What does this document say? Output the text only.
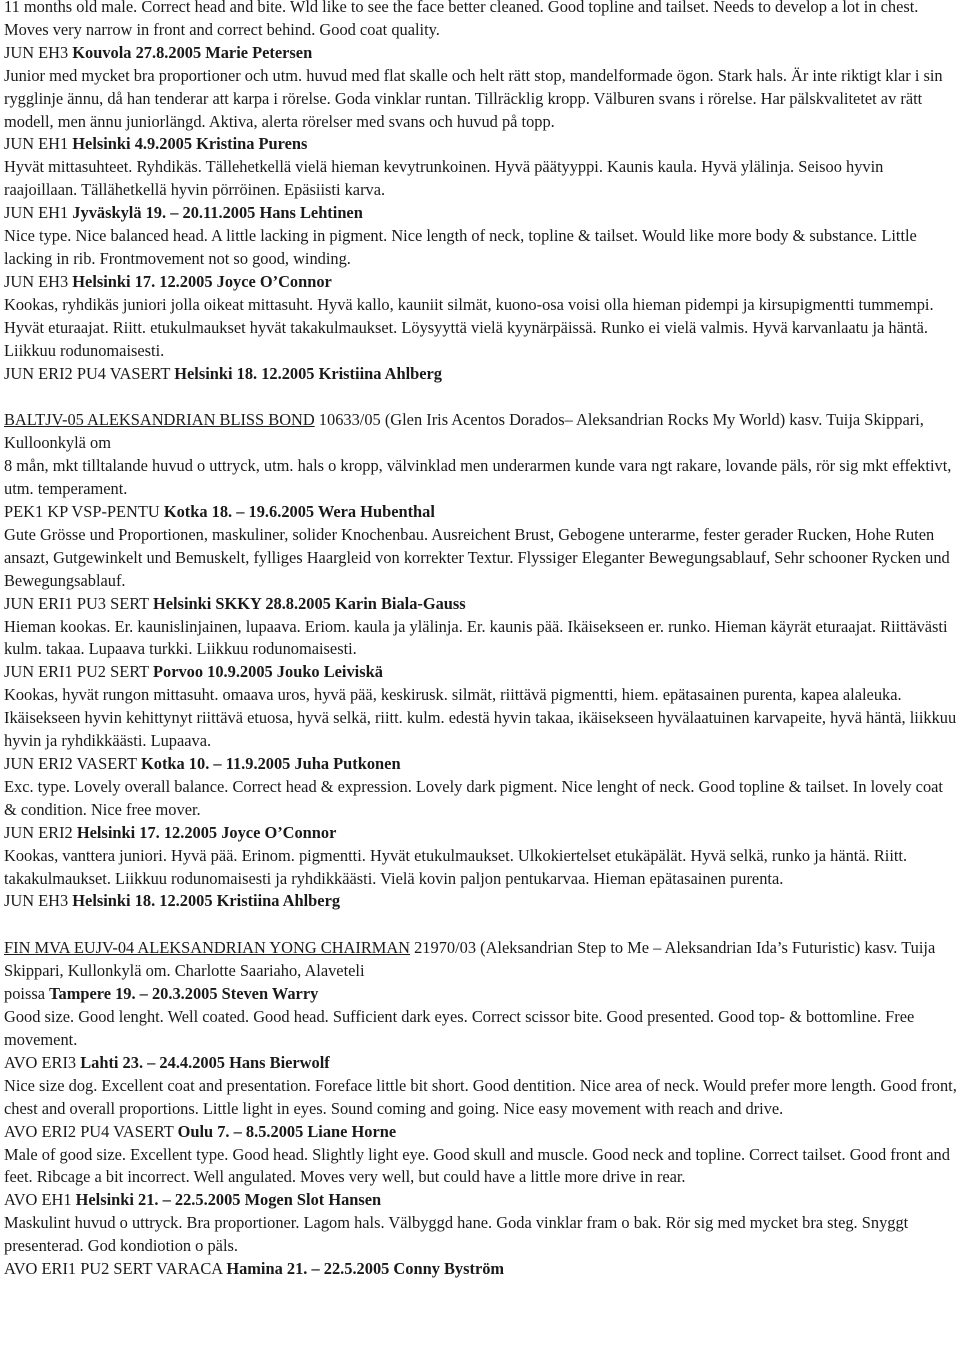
11 months old male. Correct head and bite. Wld like to see the face better cleaned. Good topline and tailset. Needs to develop a lot in chest. Moves very narrow in front and correct behind. Good coat quality.

JUN EH3 Kouvola 27.8.2005 Marie Petersen

Junior med mycket bra proportioner och utm. huvud med flat skalle och helt rätt stop, mandelformade ögon. Stark hals. Är inte riktigt klar i sin rygglinje ännu, då han tenderar att karpa i rörelse. Goda vinklar runtan. Tillräcklig kropp. Välburen svans i rörelse. Har pälskvalitetet av rätt modell, men ännu juniorlängd. Aktiva, alerta rörelser med svans och huvud på topp.

JUN EH1 Helsinki 4.9.2005 Kristina Purens

Hyvät mittasuhteet. Ryhdikäs. Tällehetkellä vielä hieman kevytrunkoinen. Hyvä päätyyppi. Kaunis kaula. Hyvä ylälinja. Seisoo hyvin raajoillaan. Tällähetkellä hyvin pörröinen. Epäsiisti karva.

JUN EH1 Jyväskylä 19. – 20.11.2005 Hans Lehtinen

Nice type. Nice balanced head. A little lacking in pigment. Nice length of neck, topline & tailset. Would like more body & substance. Little lacking in rib. Frontmovement not so good, winding.

JUN EH3 Helsinki 17. 12.2005 Joyce O’Connor

Kookas, ryhdikäs juniori jolla oikeat mittasuht. Hyvä kallo, kauniit silmät, kuono-osa voisi olla hieman pidempi ja kirsupigmentti tummempi. Hyvät eturaajat. Riitt. etukulmaukset hyvät takakulmaukset. Löysyyttä vielä kyynärpäissä. Runko ei vielä valmis. Hyvä karvanlaatu ja häntä. Liikkuu rodunomaisesti.

JUN ERI2 PU4 VASERT Helsinki 18. 12.2005 Kristiina Ahlberg

BALTJV-05 ALEKSANDRIAN BLISS BOND 10633/05 (Glen Iris Acentos Dorados– Aleksandrian Rocks My World) kasv. Tuija Skippari, Kulloonkylä om

8 mån, mkt tilltalande huvud o uttryck, utm. hals o kropp, välvinklad men underarmen kunde vara ngt rakare, lovande päls, rör sig mkt effektivt, utm. temperament.

PEK1 KP VSP-PENTU Kotka 18. – 19.6.2005 Wera Hubenthal

Gute Grösse und Proportionen, maskuliner, solider Knochenbau. Ausreichent Brust, Gebogene unterarme, fester gerader Rucken, Hohe Ruten ansazt, Gutgewinkelt und Bemuskelt, fylliges Haargleid von korrekter Textur. Flyssiger Eleganter Bewegungsablauf, Sehr schooner Rycken und Bewegungsablauf.

JUN ERI1 PU3 SERT Helsinki SKKY 28.8.2005 Karin Biala-Gauss

Hieman kookas. Er. kaunislinjainen, lupaava. Eriom. kaula ja ylälinja. Er. kaunis pää. Ikäisekseen er. runko. Hieman käyrät eturaajat. Riittävästi kulm. takaa. Lupaava turkki. Liikkuu rodunomaisesti.

JUN ERI1 PU2 SERT Porvoo 10.9.2005 Jouko Leiviskä

Kookas, hyvät rungon mittasuht. omaava uros, hyvä pää, keskirusk. silmät, riittävä pigmentti, hiem. epätasainen purenta, kapea alaleuka. Ikäisekseen hyvin kehittynyt riittävä etuosa, hyvä selkä, riitt. kulm. edestä hyvin takaa, ikäisekseen hyvälaatuinen karvapeite, hyvä häntä, liikkuu hyvin ja ryhdikkäästi. Lupaava.

JUN ERI2 VASERT Kotka 10. – 11.9.2005 Juha Putkonen

Exc. type. Lovely overall balance. Correct head & expression. Lovely dark pigment. Nice lenght of neck. Good topline & tailset. In lovely coat & condition. Nice free mover.

JUN ERI2 Helsinki 17. 12.2005 Joyce O’Connor

Kookas, vanttera juniori. Hyvä pää. Erinom. pigmentti. Hyvät etukulmaukset. Ulkokiertelset etukäpälät. Hyvä selkä, runko ja häntä. Riitt. takakulmaukset. Liikkuu rodunomaisesti ja ryhdikkäästi. Vielä kovin paljon pentukarvaa. Hieman epätasainen purenta.

JUN EH3 Helsinki 18. 12.2005 Kristiina Ahlberg

FIN MVA EUJV-04 ALEKSANDRIAN YONG CHAIRMAN 21970/03 (Aleksandrian Step to Me – Aleksandrian Ida’s Futuristic) kasv. Tuija Skippari, Kullonkylä om. Charlotte Saariaho, Alaveteli

poissa Tampere 19. – 20.3.2005 Steven Warry

Good size. Good lenght. Well coated. Good head. Sufficient dark eyes. Correct scissor bite. Good presented. Good top- & bottomline. Free movement.

AVO ERI3 Lahti 23. – 24.4.2005 Hans Bierwolf

Nice size dog. Excellent coat and presentation. Foreface little bit short. Good dentition. Nice area of neck. Would prefer more length. Good front, chest and overall proportions. Little light in eyes. Sound coming and going. Nice easy movement with reach and drive.

AVO ERI2 PU4 VASERT Oulu 7. – 8.5.2005 Liane Horne

Male of good size. Excellent type. Good head. Slightly light eye. Good skull and muscle. Good neck and topline. Correct tailset. Good front and feet. Ribcage a bit incorrect. Well angulated. Moves very well, but could have a little more drive in rear.

AVO EH1 Helsinki 21. – 22.5.2005 Mogen Slot Hansen

Maskulint huvud o uttryck. Bra proportioner. Lagom hals. Välbyggd hane. Goda vinklar fram o bak. Rör sig med mycket bra steg. Snyggt presenterad. God kondiotion o päls.

AVO ERI1 PU2 SERT VARACA Hamina 21. – 22.5.2005 Conny Byström
